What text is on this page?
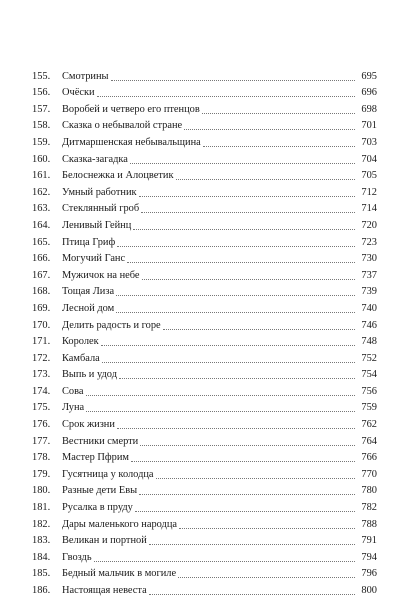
155.	Смотрины	695
156.	Очёски	696
157.	Воробей и четверо его птенцов	698
158.	Сказка о небывалой стране	701
159.	Дитмаршенская небывальщина	703
160.	Сказка-загадка	704
161.	Белоснежка и Алоцветик	705
162.	Умный работник	712
163.	Стеклянный гроб	714
164.	Ленивый Гейнц	720
165.	Птица Гриф	723
166.	Могучий Ганс	730
167.	Мужичок на небе	737
168.	Тощая Лиза	739
169.	Лесной дом	740
170.	Делить радость и горе	746
171.	Королек	748
172.	Камбала	752
173.	Выпь и удод	754
174.	Сова	756
175.	Луна	759
176.	Срок жизни	762
177.	Вестники смерти	764
178.	Мастер Пфрим	766
179.	Гусятница у колодца	770
180.	Разные дети Евы	780
181.	Русалка в пруду	782
182.	Дары маленького народца	788
183.	Великан и портной	791
184.	Гвоздь	794
185.	Бедный мальчик в могиле	796
186.	Настоящая невеста	800
